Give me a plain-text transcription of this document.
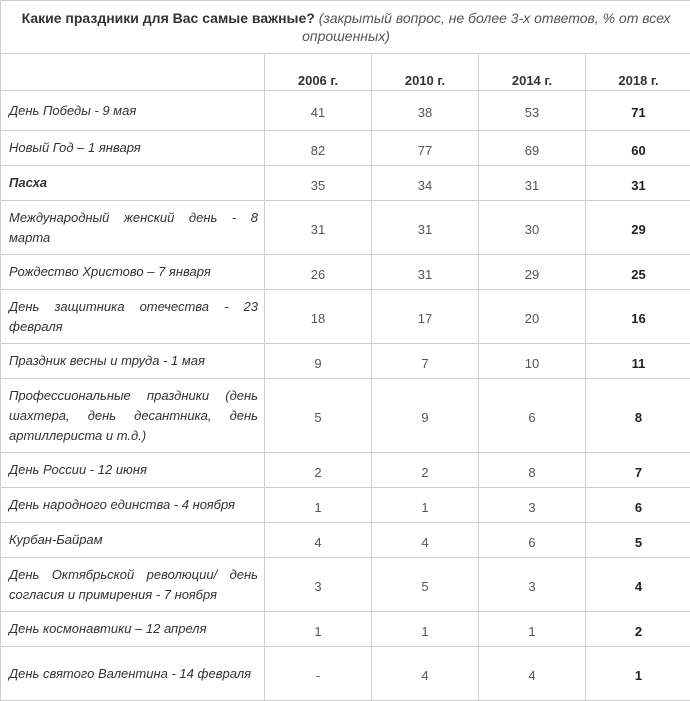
Какие праздники для Вас самые важные? (закрытый вопрос, не более 3-х ответов, % от всех опрошенных)				
	2006 г.	2010 г.	2014 г.	2018 г.
День Победы - 9 мая	41	38	53	71
Новый Год – 1 января	82	77	69	60
Пасха	35	34	31	31
Международный женский день - 8 марта	31	31	30	29
Рождество Христово – 7 января	26	31	29	25
День защитника отечества - 23 февраля	18	17	20	16
Праздник весны и труда - 1 мая	9	7	10	11
Профессиональные праздники (день шахтера, день десантника, день артиллериста и т.д.)	5	9	6	8
День России - 12 июня	2	2	8	7
День народного единства - 4 ноября	1	1	3	6
Курбан-Байрам	4	4	6	5
День Октябрьской революции/ день согласия и примирения - 7 ноября	3	5	3	4
День космонавтики – 12 апреля	1	1	1	2
День святого Валентина - 14 февраля	-	4	4	1
